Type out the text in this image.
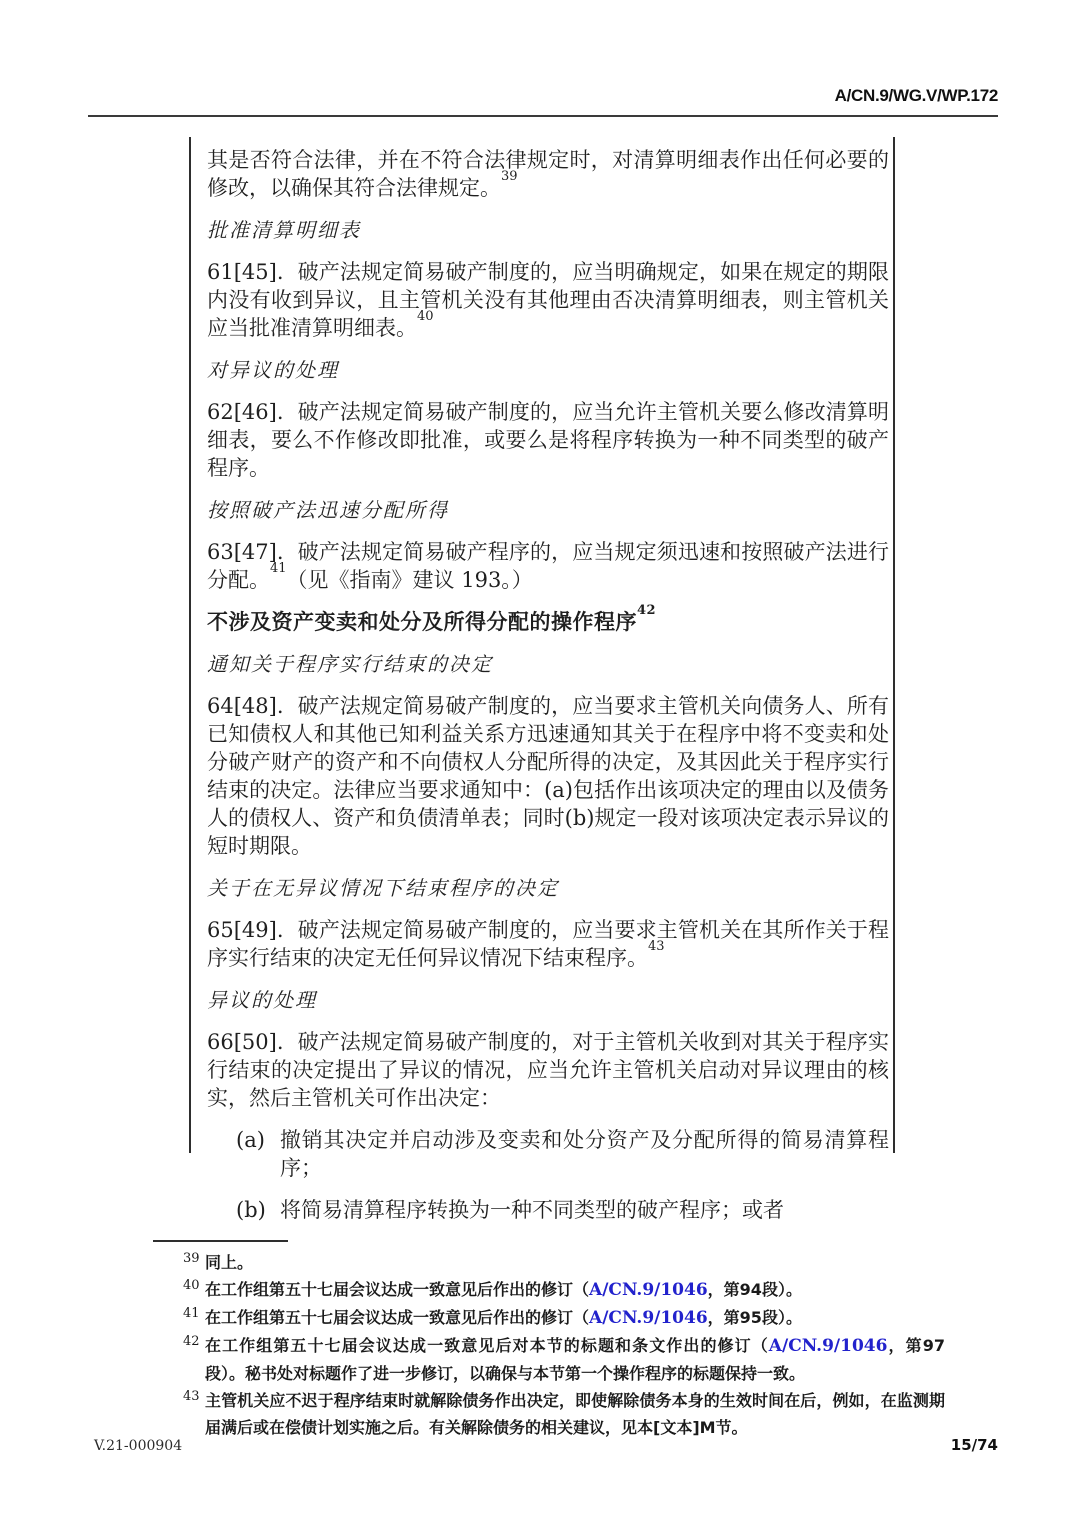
A/CN.9/WG.V/WP.172
其是否符合法律，并在不符合法律规定时，对清算明细表作出任何必要的修改，以确保其符合法律规定。$^{39}$
批准清算明细表
61[45]. 破产法规定简易破产制度的，应当明确规定，如果在规定的期限内没有收到异议，且主管机关没有其他理由否决清算明细表，则主管机关应当批准清算明细表。$^{40}$
对异议的处理
62[46]. 破产法规定简易破产制度的，应当允许主管机关要么修改清算明细表，要么不作修改即批准，或要么是将程序转换为一种不同类型的破产程序。
按照破产法迅速分配所得
63[47]. 破产法规定简易破产程序的，应当规定须迅速和按照破产法进行分配。$^{41}$（见《指南》建议 193。）
不涉及资产变卖和处分及所得分配的操作程序$^{42}$
通知关于程序实行结束的决定
64[48]. 破产法规定简易破产制度的，应当要求主管机关向债务人、所有已知债权人和其他已知利益关系方迅速通知其关于在程序中将不变卖和处分破产财产的资产和不向债权人分配所得的决定，及其因此关于程序实行结束的决定。法律应当要求通知中：(a)包括作出该项决定的理由以及债务人的债权人、资产和负债清单表；同时(b)规定一段对该项决定表示异议的短时期限。
关于在无异议情况下结束程序的决定
65[49]. 破产法规定简易破产制度的，应当要求主管机关在其所作关于程序实行结束的决定无任何异议情况下结束程序。$^{43}$
异议的处理
66[50]. 破产法规定简易破产制度的，对于主管机关收到对其关于程序实行结束的决定提出了异议的情况，应当允许主管机关启动对异议理由的核实，然后主管机关可作出决定：
(a) 撤销其决定并启动涉及变卖和处分资产及分配所得的简易清算程序；
(b) 将简易清算程序转换为一种不同类型的破产程序；或者
39 同上。
40 在工作组第五十七届会议达成一致意见后作出的修订（A/CN.9/1046，第94段）。
41 在工作组第五十七届会议达成一致意见后作出的修订（A/CN.9/1046，第95段）。
42 在工作组第五十七届会议达成一致意见后对本节的标题和条文作出的修订（A/CN.9/1046，第97段）。秘书处对标题作了进一步修订，以确保与本节第一个操作程序的标题保持一致。
43 主管机关应不迟于程序结束时就解除债务作出决定，即使解除债务本身的生效时间在后，例如，在监测期届满后或在偿债计划实施之后。有关解除债务的相关建议，见本[文本]M节。
V.21-000904	15/74
